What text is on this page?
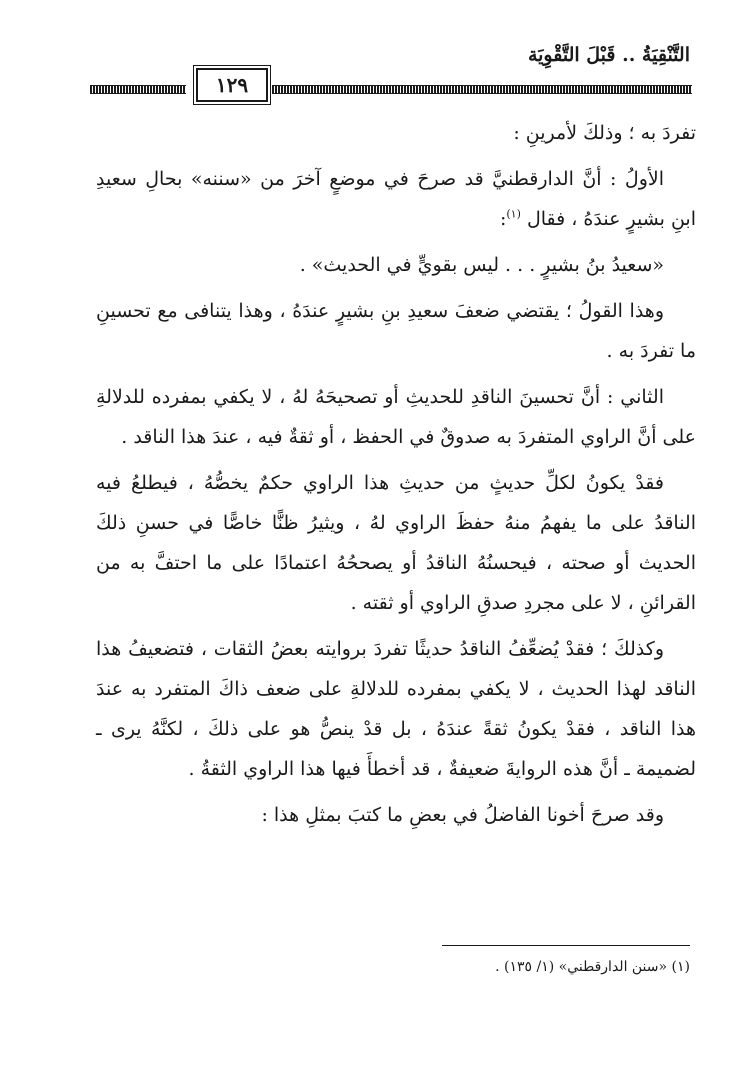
التَّنْقِيَةُ .. قَبْلَ التَّقْوِيَة
١٢٩

تفردَ به ؛ وذلكَ لأمرينِ :

الأولُ : أنَّ الدارقطنيَّ قد صرحَ في موضعٍ آخرَ من «سننه» بحالِ سعيدِ ابنِ بشيرٍ عندَهُ ، فقال $^{(١)}$:

«سعيدُ بنُ بشيرٍ . . . ليس بقويٍّ في الحديث» .

وهذا القولُ ؛ يقتضي ضعفَ سعيدِ بنِ بشيرٍ عندَهُ ، وهذا يتنافى مع تحسينِ ما تفردَ به .

الثاني : أنَّ تحسينَ الناقدِ للحديثِ أو تصحيحَهُ لهُ ، لا يكفي بمفرده للدلالةِ على أنَّ الراوي المتفردَ به صدوقٌ في الحفظ ، أو ثقةٌ فيه ، عندَ هذا الناقد .

فقدْ يكونُ لكلِّ حديثٍ من حديثِ هذا الراوي حكمٌ يخصُّهُ ، فيطلعُ فيه الناقدُ على ما يفهمُ منهُ حفظَ الراوي لهُ ، ويثيرُ ظنًّا خاصًّا في حسنِ ذلكَ الحديث أو صحته ، فيحسنُهُ الناقدُ أو يصححُهُ اعتمادًا على ما احتفَّ به من القرائنِ ، لا على مجردِ صدقِ الراوي أو ثقته .

وكذلكَ ؛ فقدْ يُضعِّفُ الناقدُ حديثًا تفردَ بروايته بعضُ الثقات ، فتضعيفُ هذا الناقد لهذا الحديث ، لا يكفي بمفرده للدلالةِ على ضعف ذاكَ المتفرد به عندَ هذا الناقد ، فقدْ يكونُ ثقةً عندَهُ ، بل قدْ ينصُّ هو على ذلكَ ، لكنَّهُ يرى ـ لضميمة ـ أنَّ هذه الروايةَ ضعيفةٌ ، قد أخطأَ فيها هذا الراوي الثقةُ .

وقد صرحَ أخونا الفاضلُ في بعضِ ما كتبَ بمثلِ هذا :

(١) «سنن الدارقطني» (١/ ١٣٥) .
